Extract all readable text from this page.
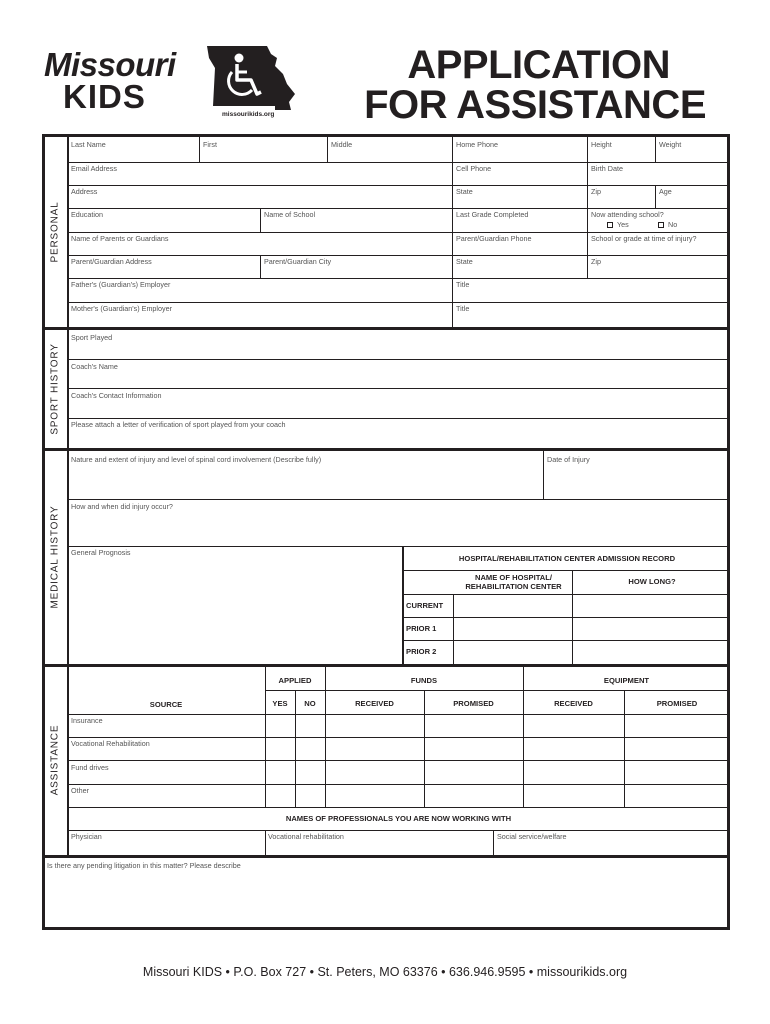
Missouri
KIDS	missourikids.org
APPLICATION
FOR ASSISTANCE
PERSONAL
SPORT HISTORY
MEDICAL HISTORY
ASSISTANCE
Last Name	First	Middle	Home Phone	Height	Weight
Email Address	Cell Phone	Birth Date
Address	State	Zip	Age
Education	Name of School	Last Grade Completed	Now attending school?
Yes	No
Name of Parents or Guardians	Parent/Guardian Phone	School or grade at time of injury?
Parent/Guardian Address	Parent/Guardian City	State	Zip
Father's (Guardian's) Employer	Title
Mother's (Guardian's) Employer	Title
Sport Played
Coach's Name
Coach's Contact Information
Please attach a letter of verification of sport played from your coach
Nature and extent of injury and level of spinal cord involvement (Describe fully)	Date of Injury
How and when did injury occur?
General Prognosis
HOSPITAL/REHABILITATION CENTER ADMISSION RECORD
NAME OF HOSPITAL/
REHABILITATION CENTER
HOW LONG?
CURRENT
PRIOR 1
PRIOR 2
APPLIED	FUNDS	EQUIPMENT
SOURCE	YES	NO	RECEIVED	PROMISED	RECEIVED	PROMISED
Insurance
Vocational Rehabilitation
Fund drives
Other
NAMES OF PROFESSIONALS YOU ARE NOW WORKING WITH
Physician	Vocational rehabilitation	Social service/welfare
Is there any pending litigation in this matter? Please describe
Missouri KIDS • P.O. Box 727 • St. Peters, MO 63376 • 636.946.9595 • missourikids.org
